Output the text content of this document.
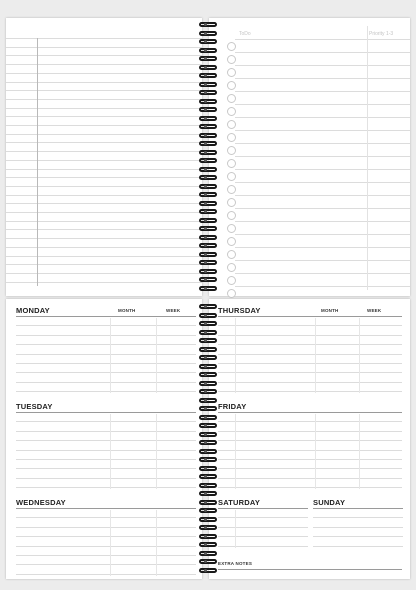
ToDo	Priority 1-3
MONDAY	MONTH	WEEK
TUESDAY
WEDNESDAY
THURSDAY	MONTH	WEEK
FRIDAY
SATURDAY	SUNDAY
EXTRA NOTES
